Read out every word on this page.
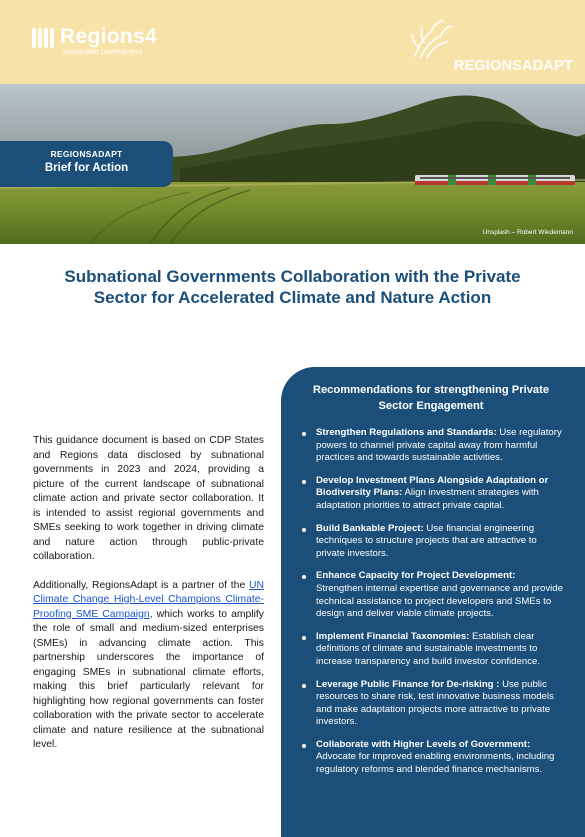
Regions4
Sustainable Development
REGIONSADAPT
Unsplash – Robert Wiedemann
REGIONSADAPT
Brief for Action
Subnational Governments Collaboration with the Private Sector for Accelerated Climate and Nature Action

This guidance document is based on CDP States and Regions data disclosed by subnational governments in 2023 and 2024, providing a picture of the current landscape of subnational climate action and private sector collaboration. It is intended to assist regional governments and SMEs seeking to work together in driving climate and nature action through public-private collaboration.

Additionally, RegionsAdapt is a partner of the UN Climate Change High-Level Champions Climate-Proofing SME Campaign, which works to amplify the role of small and medium-sized enterprises (SMEs) in advancing climate action. This partnership underscores the importance of engaging SMEs in subnational climate efforts, making this brief particularly relevant for highlighting how regional governments can foster collaboration with the private sector to accelerate climate and nature resilience at the subnational level.

Recommendations for strengthening Private Sector Engagement
Strengthen Regulations and Standards: Use regulatory powers to channel private capital away from harmful practices and towards sustainable activities.
Develop Investment Plans Alongside Adaptation or Biodiversity Plans: Align investment strategies with adaptation priorities to attract private capital.
Build Bankable Project: Use financial engineering techniques to structure projects that are attractive to private investors.
Enhance Capacity for Project Development: Strengthen internal expertise and governance and provide technical assistance to project developers and SMEs to design and deliver viable climate projects.
Implement Financial Taxonomies: Establish clear definitions of climate and sustainable investments to increase transparency and build investor confidence.
Leverage Public Finance for De-risking : Use public resources to share risk, test innovative business models and make adaptation projects more attractive to private investors.
Collaborate with Higher Levels of Government: Advocate for improved enabling environments, including regulatory reforms and blended finance mechanisms.
